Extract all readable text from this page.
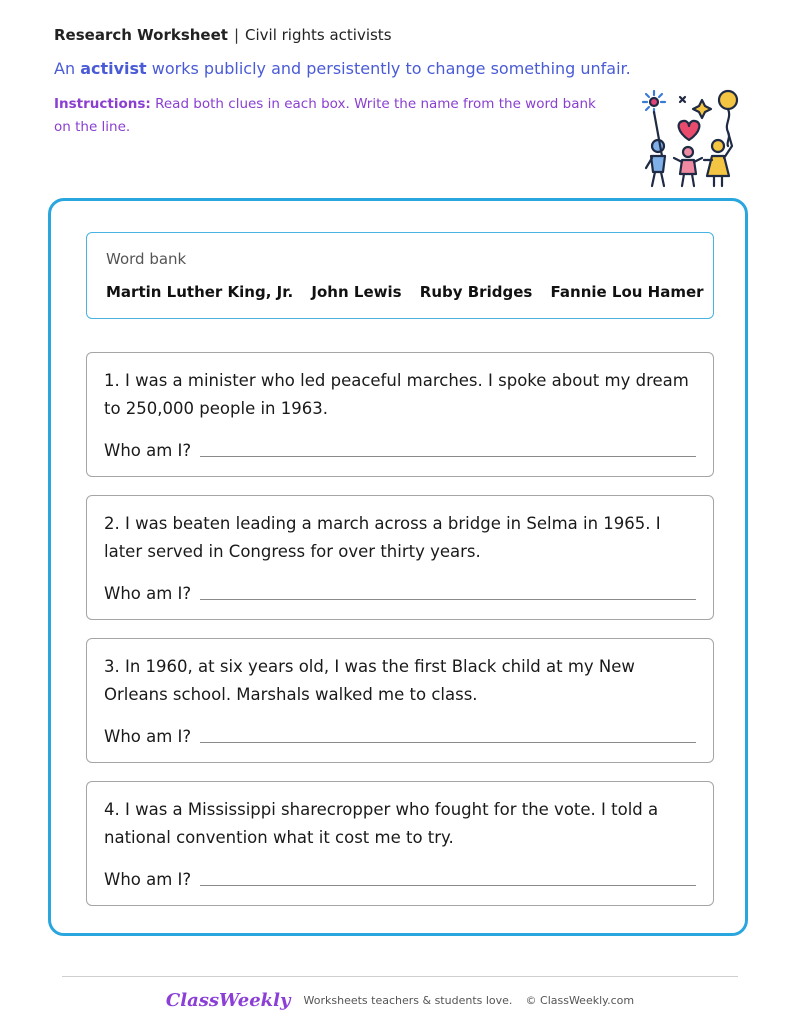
Research Worksheet | Civil rights activists
An activist works publicly and persistently to change something unfair.
Instructions: Read both clues in each box. Write the name from the word bank on the line.
Word bank
Martin Luther King, Jr. John Lewis Ruby Bridges Fannie Lou Hamer
1. I was a minister who led peaceful marches. I spoke about my dream to 250,000 people in 1963.
Who am I?
2. I was beaten leading a march across a bridge in Selma in 1965. I later served in Congress for over thirty years.
Who am I?
3. In 1960, at six years old, I was the first Black child at my New Orleans school. Marshals walked me to class.
Who am I?
4. I was a Mississippi sharecropper who fought for the vote. I told a national convention what it cost me to try.
Who am I?
ClassWeekly Worksheets teachers & students love. © ClassWeekly.com
